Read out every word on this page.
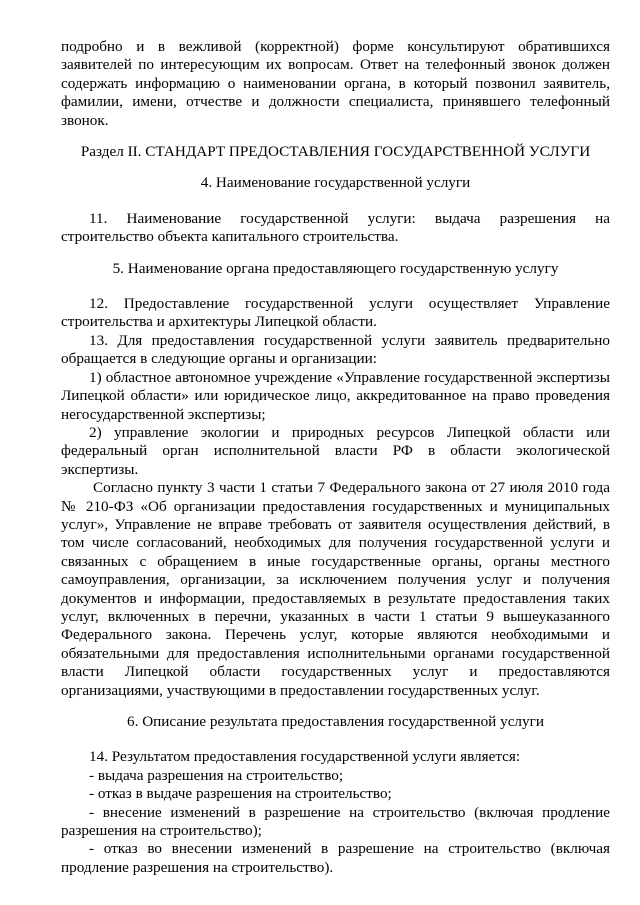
подробно и в вежливой (корректной) форме консультируют обратившихся заявителей по интересующим их вопросам. Ответ на телефонный звонок должен содержать информацию о наименовании органа, в который позвонил заявитель, фамилии, имени, отчестве и должности специалиста, принявшего телефонный звонок.

Раздел II. СТАНДАРТ ПРЕДОСТАВЛЕНИЯ ГОСУДАРСТВЕННОЙ УСЛУГИ

4. Наименование государственной услуги

11. Наименование государственной услуги: выдача разрешения на строительство объекта капитального строительства.

5. Наименование органа предоставляющего государственную услугу

12. Предоставление государственной услуги осуществляет Управление строительства и архитектуры Липецкой области.

13. Для предоставления государственной услуги заявитель предварительно обращается в следующие органы и организации:

1) областное автономное учреждение «Управление государственной экспертизы Липецкой области» или юридическое лицо, аккредитованное на право проведения негосударственной экспертизы;

2) управление экологии и природных ресурсов Липецкой области или федеральный орган исполнительной власти РФ в области экологической экспертизы.

Согласно пункту 3 части 1 статьи 7 Федерального закона от 27 июля 2010 года № 210-ФЗ «Об организации предоставления государственных и муниципальных услуг», Управление не вправе требовать от заявителя осуществления действий, в том числе согласований, необходимых для получения государственной услуги и связанных с обращением в иные государственные органы, органы местного самоуправления, организации, за исключением получения услуг и получения документов и информации, предоставляемых в результате предоставления таких услуг, включенных в перечни, указанных в части 1 статьи 9 вышеуказанного Федерального закона. Перечень услуг, которые являются необходимыми и обязательными для предоставления исполнительными органами государственной власти Липецкой области государственных услуг и предоставляются организациями, участвующими в предоставлении государственных услуг.

6. Описание результата предоставления государственной услуги

14. Результатом предоставления государственной услуги является:

- выдача разрешения на строительство;

- отказ в выдаче разрешения на строительство;

- внесение изменений в разрешение на строительство (включая продление разрешения на строительство);

- отказ во внесении изменений в разрешение на строительство (включая продление разрешения на строительство).
